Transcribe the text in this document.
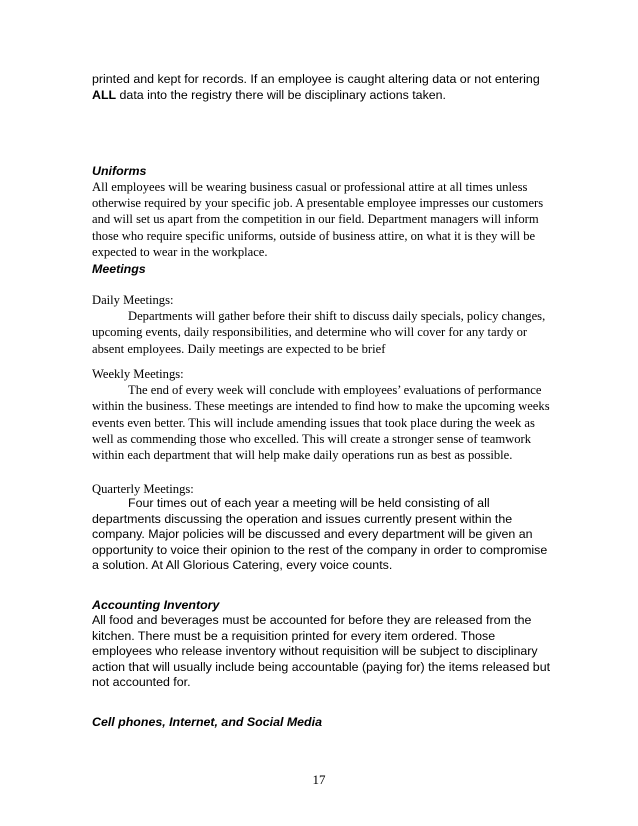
printed and kept for records. If an employee is caught altering data or not entering

ALL data into the registry there will be disciplinary actions taken.

Uniforms
All employees will be wearing business casual or professional attire at all times unless otherwise required by your specific job. A presentable employee impresses our customers and will set us apart from the competition in our field. Department managers will inform those who require specific uniforms, outside of business attire, on what it is they will be expected to wear in the workplace.
Meetings

Daily Meetings:

Departments will gather before their shift to discuss daily specials, policy changes, upcoming events, daily responsibilities, and determine who will cover for any tardy or absent employees. Daily meetings are expected to be brief

Weekly Meetings:

The end of every week will conclude with employees’ evaluations of performance within the business. These meetings are intended to find how to make the upcoming weeks events even better. This will include amending issues that took place during the week as well as commending those who excelled. This will create a stronger sense of teamwork within each department that will help make daily operations run as best as possible.

Quarterly Meetings:
Four times out of each year a meeting will be held consisting of all departments discussing the operation and issues currently present within the company. Major policies will be discussed and every department will be given an opportunity to voice their opinion to the rest of the company in order to compromise a solution. At All Glorious Catering, every voice counts.
Accounting Inventory
All food and beverages must be accounted for before they are released from the kitchen. There must be a requisition printed for every item ordered. Those employees who release inventory without requisition will be subject to disciplinary action that will usually include being accountable (paying for) the items released but not accounted for.
Cell phones, Internet, and Social Media
17
